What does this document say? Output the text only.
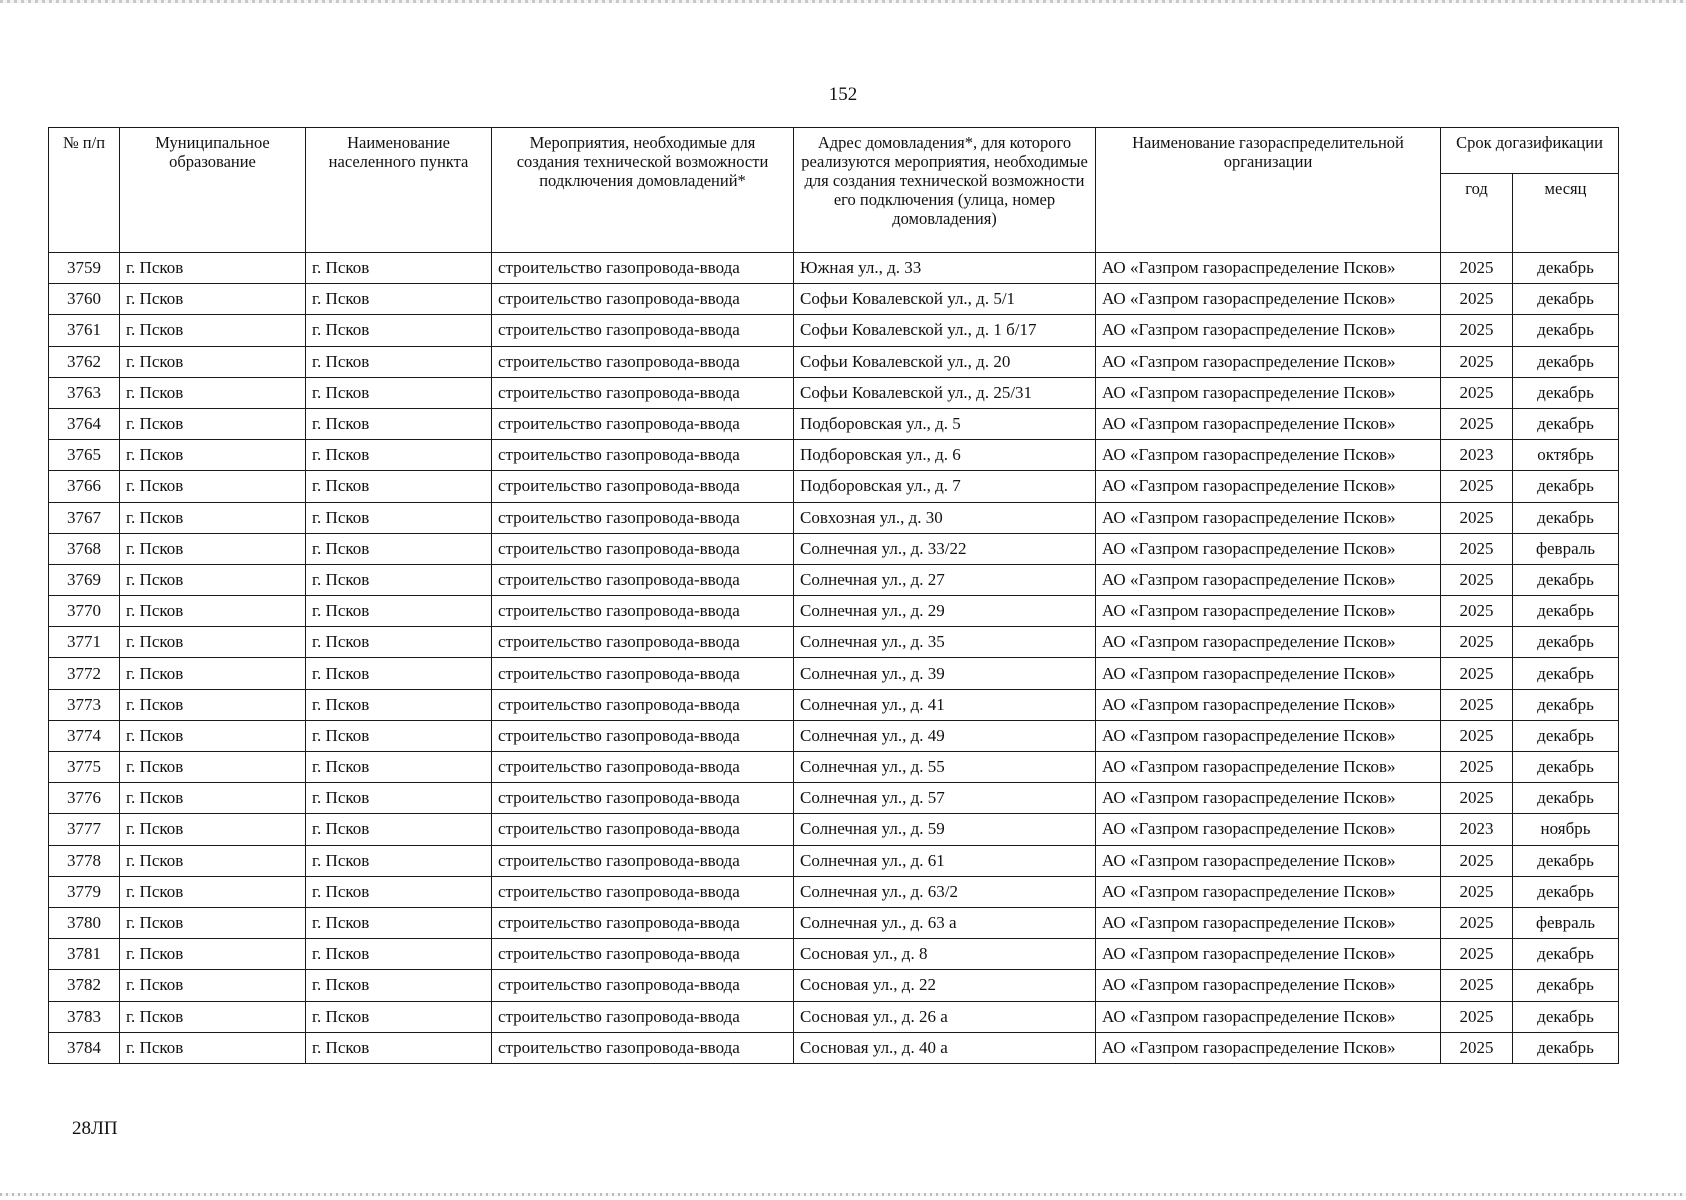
152
№ п/п	Муниципальное образование	Наименование населенного пункта	Мероприятия, необходимые для создания технической возможности подключения домовладений*	Адрес домовладения*, для которого реализуются мероприятия, необходимые для создания технической возможности его подключения (улица, номер домовладения)	Наименование газораспределительной организации	Срок догазификации	
						год	месяц
3759	г. Псков	г. Псков	строительство газопровода-ввода	Южная ул., д. 33	АО «Газпром газораспределение Псков»	2025	декабрь
3760	г. Псков	г. Псков	строительство газопровода-ввода	Софьи Ковалевской ул., д. 5/1	АО «Газпром газораспределение Псков»	2025	декабрь
3761	г. Псков	г. Псков	строительство газопровода-ввода	Софьи Ковалевской ул., д. 1 б/17	АО «Газпром газораспределение Псков»	2025	декабрь
3762	г. Псков	г. Псков	строительство газопровода-ввода	Софьи Ковалевской ул., д. 20	АО «Газпром газораспределение Псков»	2025	декабрь
3763	г. Псков	г. Псков	строительство газопровода-ввода	Софьи Ковалевской ул., д. 25/31	АО «Газпром газораспределение Псков»	2025	декабрь
3764	г. Псков	г. Псков	строительство газопровода-ввода	Подборовская ул., д. 5	АО «Газпром газораспределение Псков»	2025	декабрь
3765	г. Псков	г. Псков	строительство газопровода-ввода	Подборовская ул., д. 6	АО «Газпром газораспределение Псков»	2023	октябрь
3766	г. Псков	г. Псков	строительство газопровода-ввода	Подборовская ул., д. 7	АО «Газпром газораспределение Псков»	2025	декабрь
3767	г. Псков	г. Псков	строительство газопровода-ввода	Совхозная ул., д. 30	АО «Газпром газораспределение Псков»	2025	декабрь
3768	г. Псков	г. Псков	строительство газопровода-ввода	Солнечная ул., д. 33/22	АО «Газпром газораспределение Псков»	2025	февраль
3769	г. Псков	г. Псков	строительство газопровода-ввода	Солнечная ул., д. 27	АО «Газпром газораспределение Псков»	2025	декабрь
3770	г. Псков	г. Псков	строительство газопровода-ввода	Солнечная ул., д. 29	АО «Газпром газораспределение Псков»	2025	декабрь
3771	г. Псков	г. Псков	строительство газопровода-ввода	Солнечная ул., д. 35	АО «Газпром газораспределение Псков»	2025	декабрь
3772	г. Псков	г. Псков	строительство газопровода-ввода	Солнечная ул., д. 39	АО «Газпром газораспределение Псков»	2025	декабрь
3773	г. Псков	г. Псков	строительство газопровода-ввода	Солнечная ул., д. 41	АО «Газпром газораспределение Псков»	2025	декабрь
3774	г. Псков	г. Псков	строительство газопровода-ввода	Солнечная ул., д. 49	АО «Газпром газораспределение Псков»	2025	декабрь
3775	г. Псков	г. Псков	строительство газопровода-ввода	Солнечная ул., д. 55	АО «Газпром газораспределение Псков»	2025	декабрь
3776	г. Псков	г. Псков	строительство газопровода-ввода	Солнечная ул., д. 57	АО «Газпром газораспределение Псков»	2025	декабрь
3777	г. Псков	г. Псков	строительство газопровода-ввода	Солнечная ул., д. 59	АО «Газпром газораспределение Псков»	2023	ноябрь
3778	г. Псков	г. Псков	строительство газопровода-ввода	Солнечная ул., д. 61	АО «Газпром газораспределение Псков»	2025	декабрь
3779	г. Псков	г. Псков	строительство газопровода-ввода	Солнечная ул., д. 63/2	АО «Газпром газораспределение Псков»	2025	декабрь
3780	г. Псков	г. Псков	строительство газопровода-ввода	Солнечная ул., д. 63 а	АО «Газпром газораспределение Псков»	2025	февраль
3781	г. Псков	г. Псков	строительство газопровода-ввода	Сосновая ул., д. 8	АО «Газпром газораспределение Псков»	2025	декабрь
3782	г. Псков	г. Псков	строительство газопровода-ввода	Сосновая ул., д. 22	АО «Газпром газораспределение Псков»	2025	декабрь
3783	г. Псков	г. Псков	строительство газопровода-ввода	Сосновая ул., д. 26 а	АО «Газпром газораспределение Псков»	2025	декабрь
3784	г. Псков	г. Псков	строительство газопровода-ввода	Сосновая ул., д. 40 а	АО «Газпром газораспределение Псков»	2025	декабрь
28ЛП
